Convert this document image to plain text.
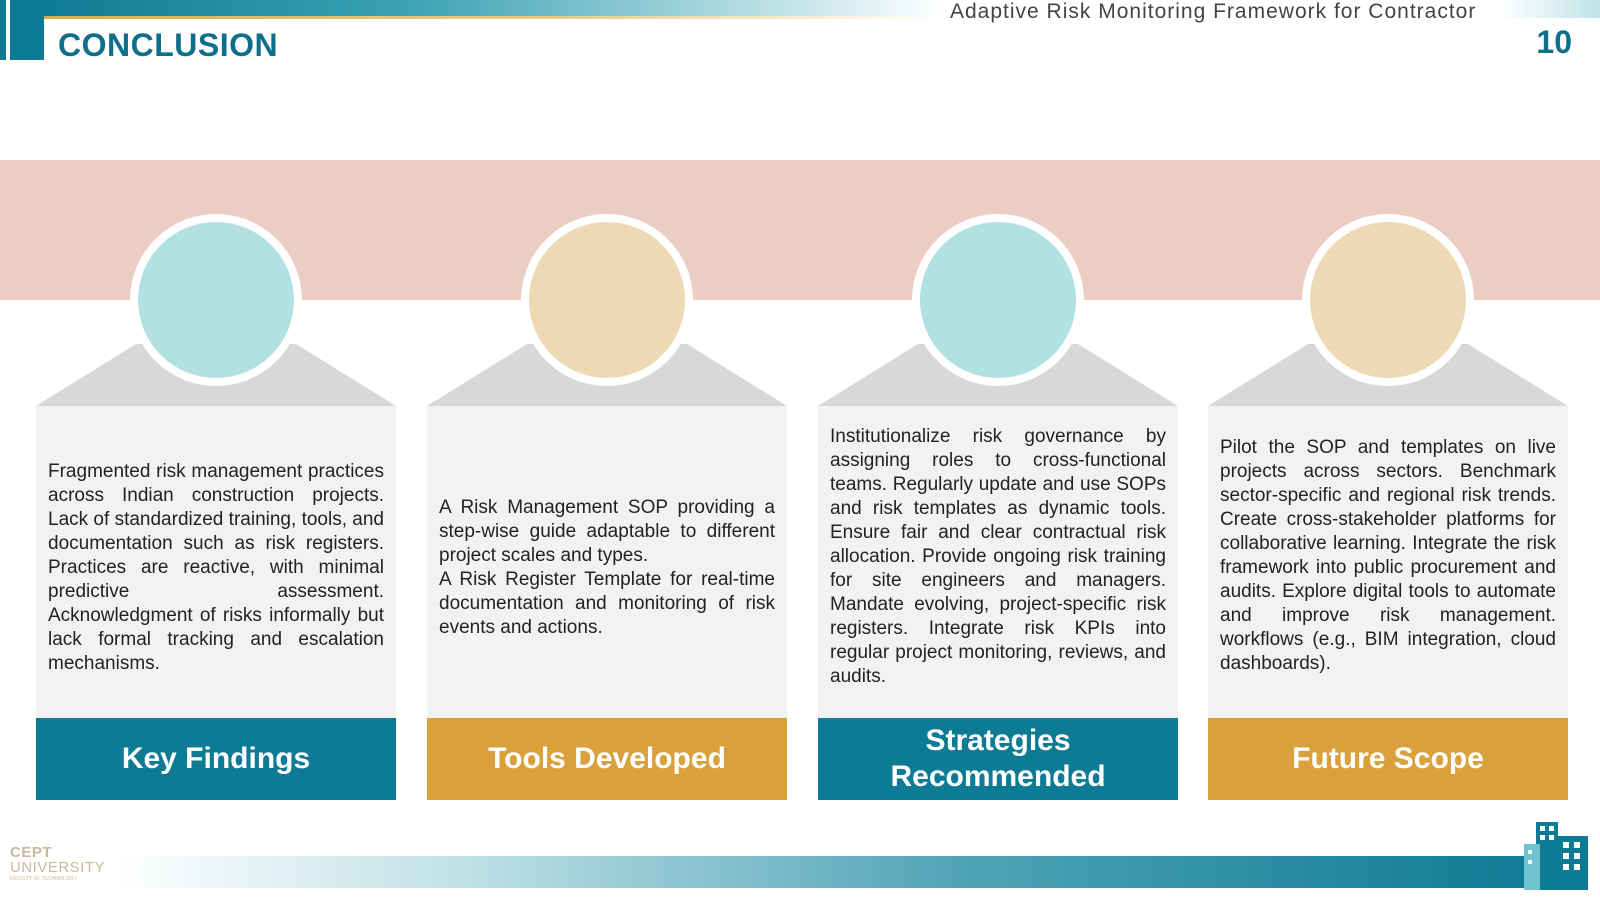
CONCLUSION
Adaptive Risk Monitoring Framework for Contractor
10
Fragmented risk management practices across Indian construction projects. Lack of standardized training, tools, and documentation such as risk registers. Practices are reactive, with minimal predictive assessment. Acknowledgment of risks informally but lack formal tracking and escalation mechanisms.
Key Findings
A Risk Management SOP providing a step-wise guide adaptable to different project scales and types.
A Risk Register Template for real-time documentation and monitoring of risk events and actions.
Tools Developed
Institutionalize risk governance by assigning roles to cross-functional teams. Regularly update and use SOPs and risk templates as dynamic tools. Ensure fair and clear contractual risk allocation. Provide ongoing risk training for site engineers and managers. Mandate evolving, project-specific risk registers. Integrate risk KPIs into regular project monitoring, reviews, and audits.
Strategies Recommended
Pilot the SOP and templates on live projects across sectors. Benchmark sector-specific and regional risk trends. Create cross-stakeholder platforms for collaborative learning. Integrate the risk framework into public procurement and audits. Explore digital tools to automate and improve risk management. workflows (e.g., BIM integration, cloud dashboards).
Future Scope
CEPT
UNIVERSITY
FACULTY OF TECHNOLOGY
